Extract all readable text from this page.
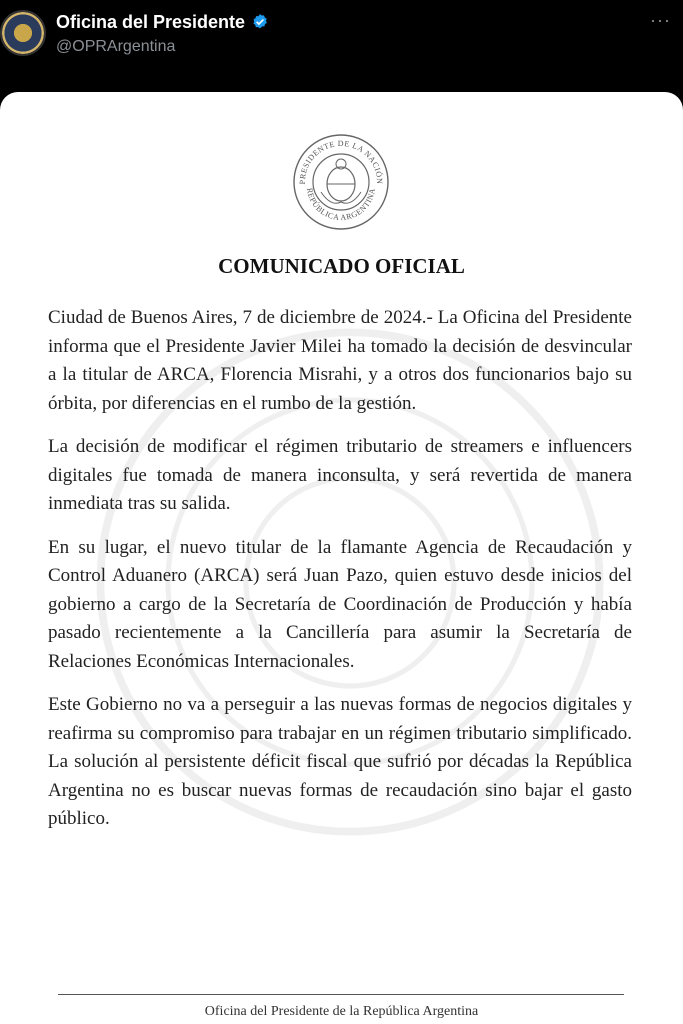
Oficina del Presidente
@OPRArgentina
···
PRESIDENTE DE LA NACIÓN
REPÚBLICA ARGENTINA
COMUNICADO OFICIAL

Ciudad de Buenos Aires, 7 de diciembre de 2024.- La Oficina del Presidente informa que el Presidente Javier Milei ha tomado la decisión de desvincular a la titular de ARCA, Florencia Misrahi, y a otros dos funcionarios bajo su órbita, por diferencias en el rumbo de la gestión.

La decisión de modificar el régimen tributario de streamers e influencers digitales fue tomada de manera inconsulta, y será revertida de manera inmediata tras su salida.

En su lugar, el nuevo titular de la flamante Agencia de Recaudación y Control Aduanero (ARCA) será Juan Pazo, quien estuvo desde inicios del gobierno a cargo de la Secretaría de Coordinación de Producción y había pasado recientemente a la Cancillería para asumir la Secretaría de Relaciones Económicas Internacionales.

Este Gobierno no va a perseguir a las nuevas formas de negocios digitales y reafirma su compromiso para trabajar en un régimen tributario simplificado. La solución al persistente déficit fiscal que sufrió por décadas la República Argentina no es buscar nuevas formas de recaudación sino bajar el gasto público.

Oficina del Presidente de la República Argentina
